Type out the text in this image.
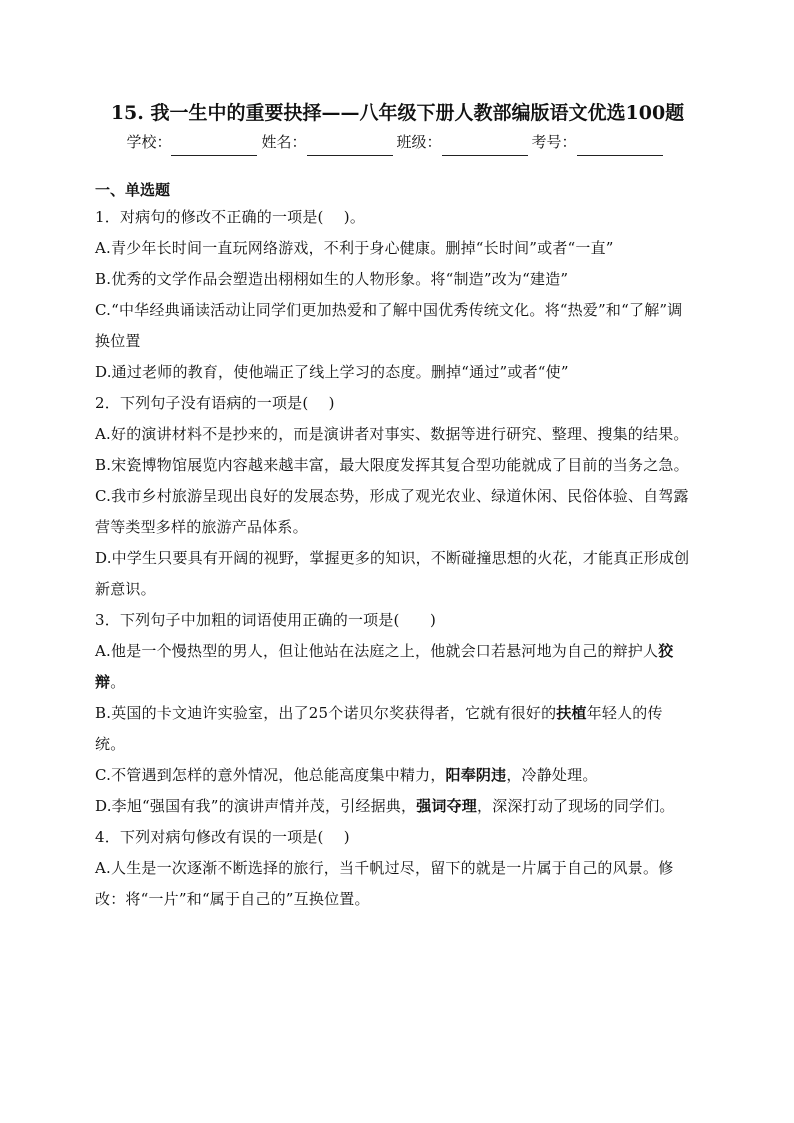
15. 我一生中的重要抉择——八年级下册人教部编版语文优选100题
学校：	姓名：	班级：	考号：
一、单选题

1．对病句的修改不正确的一项是(　 )。

A.青少年长时间一直玩网络游戏，不利于身心健康。删掉“长时间”或者“一直”

B.优秀的文学作品会塑造出栩栩如生的人物形象。将“制造”改为“建造”

C.“中华经典诵读活动让同学们更加热爱和了解中国优秀传统文化。将“热爱”和“了解”调换位置

D.通过老师的教育，使他端正了线上学习的态度。删掉“通过”或者“使”

2．下列句子没有语病的一项是(　 )

A.好的演讲材料不是抄来的，而是演讲者对事实、数据等进行研究、整理、搜集的结果。

B.宋瓷博物馆展览内容越来越丰富，最大限度发挥其复合型功能就成了目前的当务之急。

C.我市乡村旅游呈现出良好的发展态势，形成了观光农业、绿道休闲、民俗体验、自驾露营等类型多样的旅游产品体系。

D.中学生只要具有开阔的视野，掌握更多的知识，不断碰撞思想的火花，才能真正形成创新意识。

3．下列句子中加粗的词语使用正确的一项是(　　)

A.他是一个慢热型的男人，但让他站在法庭之上，他就会口若悬河地为自己的辩护人狡辩。

B.英国的卡文迪许实验室，出了25个诺贝尔奖获得者，它就有很好的扶植年轻人的传统。

C.不管遇到怎样的意外情况，他总能高度集中精力，阳奉阴违，冷静处理。

D.李旭“强国有我”的演讲声情并茂，引经据典，强词夺理，深深打动了现场的同学们。

4．下列对病句修改有误的一项是(　 )

A.人生是一次逐渐不断选择的旅行，当千帆过尽，留下的就是一片属于自己的风景。修改：将“一片”和“属于自己的”互换位置。
